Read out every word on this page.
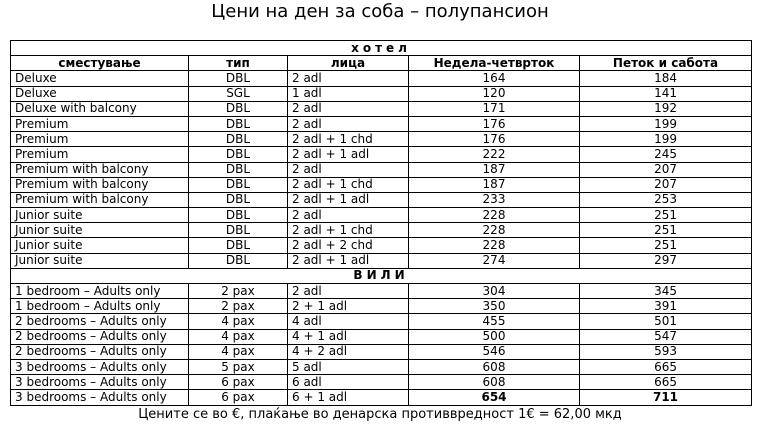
Цени на ден за соба – полупансион
хотел				
сместување	тип	лица	Недела-четврток	Петок и сабота
Deluxe	DBL	2 adl	164	184
Deluxe	SGL	1 adl	120	141
Deluxe with balcony	DBL	2 adl	171	192
Premium	DBL	2 adl	176	199
Premium	DBL	2 adl + 1 chd	176	199
Premium	DBL	2 adl + 1 adl	222	245
Premium with balcony	DBL	2 adl	187	207
Premium with balcony	DBL	2 adl + 1 chd	187	207
Premium with balcony	DBL	2 adl + 1 adl	233	253
Junior suite	DBL	2 adl	228	251
Junior suite	DBL	2 adl + 1 chd	228	251
Junior suite	DBL	2 adl + 2 chd	228	251
Junior suite	DBL	2 adl + 1 adl	274	297
ВИЛИ				
1 bedroom – Adults only	2 pax	2 adl	304	345
1 bedroom – Adults only	2 pax	2 + 1 adl	350	391
2 bedrooms – Adults only	4 pax	4 adl	455	501
2 bedrooms – Adults only	4 pax	4 + 1 adl	500	547
2 bedrooms – Adults only	4 pax	4 + 2 adl	546	593
3 bedrooms – Adults only	5 pax	5 adl	608	665
3 bedrooms – Adults only	6 pax	6 adl	608	665
3 bedrooms – Adults only	6 pax	6 + 1 adl	654	711
Цените се во €, плаќање во денарска противвредност 1€ = 62,00 мкд
